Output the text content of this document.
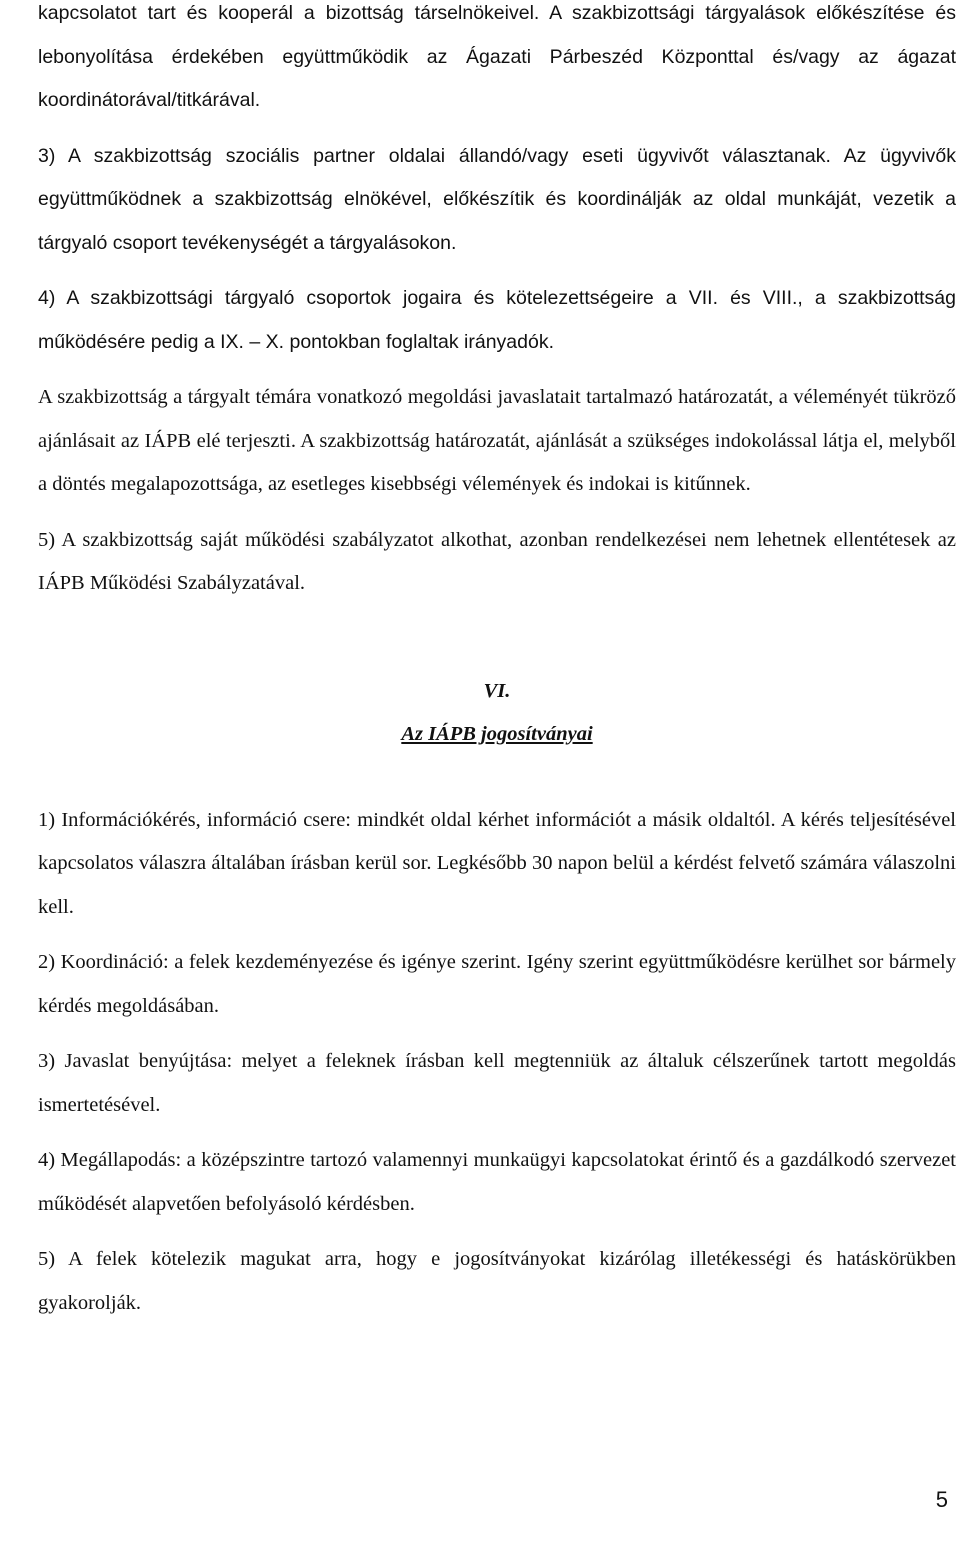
kapcsolatot tart és kooperál a bizottság társelnökeivel. A szakbizottsági tárgyalások előkészítése és lebonyolítása érdekében együttműködik az Ágazati Párbeszéd Központtal és/vagy az ágazat koordinátorával/titkárával.

3) A szakbizottság szociális partner oldalai állandó/vagy eseti ügyvivőt választanak. Az ügyvivők együttműködnek a szakbizottság elnökével, előkészítik és koordinálják az oldal munkáját, vezetik a tárgyaló csoport tevékenységét a tárgyalásokon.

4) A szakbizottsági tárgyaló csoportok jogaira és kötelezettségeire a VII. és VIII., a szakbizottság működésére pedig a IX. – X. pontokban foglaltak irányadók.

A szakbizottság a tárgyalt témára vonatkozó megoldási javaslatait tartalmazó határozatát, a véleményét tükröző ajánlásait az IÁPB elé terjeszti. A szakbizottság határozatát, ajánlását a szükséges indokolással látja el, melyből a döntés megalapozottsága, az esetleges kisebbségi vélemények és indokai is kitűnnek.

5) A szakbizottság saját működési szabályzatot alkothat, azonban rendelkezései nem lehetnek ellentétesek az IÁPB Működési Szabályzatával.

VI.

Az IÁPB jogosítványai

1) Információkérés, információ csere: mindkét oldal kérhet információt a másik oldaltól. A kérés teljesítésével kapcsolatos válaszra általában írásban kerül sor. Legkésőbb 30 napon belül a kérdést felvető számára válaszolni kell.

2) Koordináció: a felek kezdeményezése és igénye szerint. Igény szerint együttműködésre kerülhet sor bármely kérdés megoldásában.

3) Javaslat benyújtása: melyet a feleknek írásban kell megtenniük az általuk célszerűnek tartott megoldás ismertetésével.

4) Megállapodás: a középszintre tartozó valamennyi munkaügyi kapcsolatokat érintő és a gazdálkodó szervezet működését alapvetően befolyásoló kérdésben.

5) A felek kötelezik magukat arra, hogy e jogosítványokat kizárólag illetékességi és hatáskörükben gyakorolják.

5
